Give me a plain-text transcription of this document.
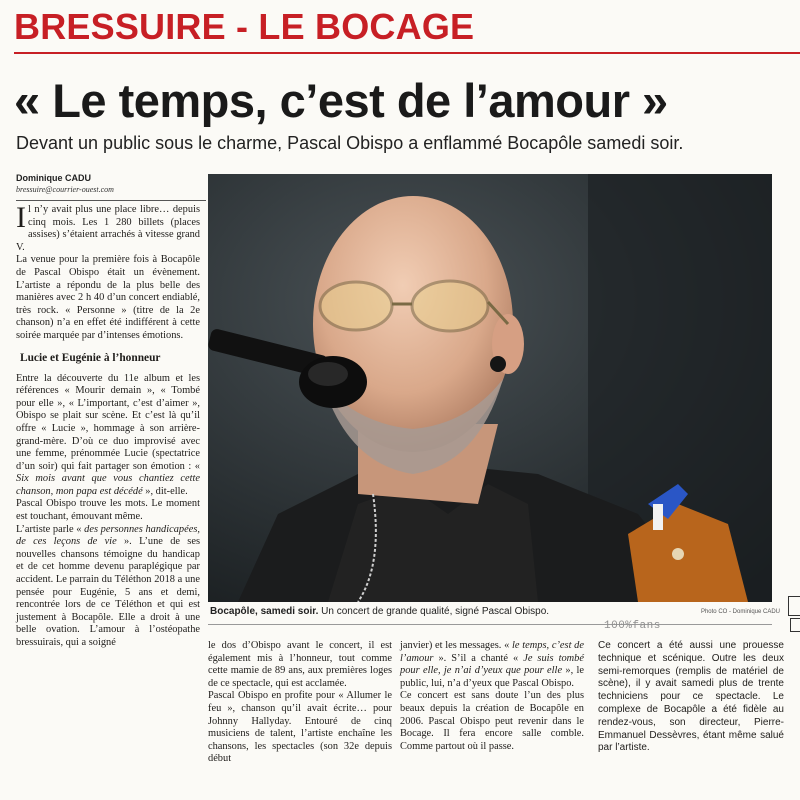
BRESSUIRE - LE BOCAGE
« Le temps, c’est de l’amour »
Devant un public sous le charme, Pascal Obispo a enflammé Bocapôle samedi soir.
Dominique CADU
bressuire@courrier-ouest.com

Il n’y avait plus une place libre… depuis cinq mois. Les 1 280 billets (places assises) s’étaient arrachés à vitesse grand V.

La venue pour la première fois à Bocapôle de Pascal Obispo était un évènement. L’artiste a répondu de la plus belle des manières avec 2 h 40 d’un concert endiablé, très rock. « Personne » (titre de la 2e chanson) n’a en effet été indifférent à cette soirée marquée par d’intenses émotions.

Lucie et Eugénie à l’honneur

Entre la découverte du 11e album et les références « Mourir demain », « Tombé pour elle », « L’important, c’est d’aimer », Obispo se plait sur scène. Et c’est là qu’il offre « Lucie », hommage à son arrière-grand-mère. D’où ce duo improvisé avec une femme, prénommée Lucie (spectatrice d’un soir) qui fait partager son émotion : « Six mois avant que vous chantiez cette chanson, mon papa est décédé », dit-elle.

Pascal Obispo trouve les mots. Le moment est touchant, émouvant même.

L’artiste parle « des personnes handicapées, de ces leçons de vie ». L’une de ses nouvelles chansons témoigne du handicap et de cet homme devenu paraplégique par accident. Le parrain du Téléthon 2018 a une pensée pour Eugénie, 5 ans et demi, rencontrée lors de ce Téléthon et qui est justement à Bocapôle. Elle a droit à une belle ovation. L’amour à l’ostéopathe bressuirais, qui a soigné

Bocapôle, samedi soir. Un concert de grande qualité, signé Pascal Obispo.	Photo CO - Dominique CADU

le dos d’Obispo avant le concert, il est également mis à l’honneur, tout comme cette mamie de 89 ans, aux premières loges de ce spectacle, qui est acclamée.

Pascal Obispo en profite pour « Allumer le feu », chanson qu’il avait écrite… pour Johnny Hallyday. Entouré de cinq musiciens de talent, l’artiste enchaîne les chansons, les spectacles (son 32e depuis début

janvier) et les messages. « le temps, c’est de l’amour ». S’il a chanté « Je suis tombé pour elle, je n’ai d’yeux que pour elle », le public, lui, n’a d’yeux que Pascal Obispo.

Ce concert est sans doute l’un des plus beaux depuis la création de Bocapôle en 2006. Pascal Obispo peut revenir dans le Bocage. Il fera encore salle comble. Comme partout où il passe.

100%fans

Ce concert a été aussi une prouesse technique et scénique. Outre les deux semi-remorques (remplis de matériel de scène), il y avait samedi plus de trente techniciens pour ce spectacle. Le complexe de Bocapôle a été fidèle au rendez-vous, son directeur, Pierre-Emmanuel Dessèvres, étant même salué par l’artiste.
